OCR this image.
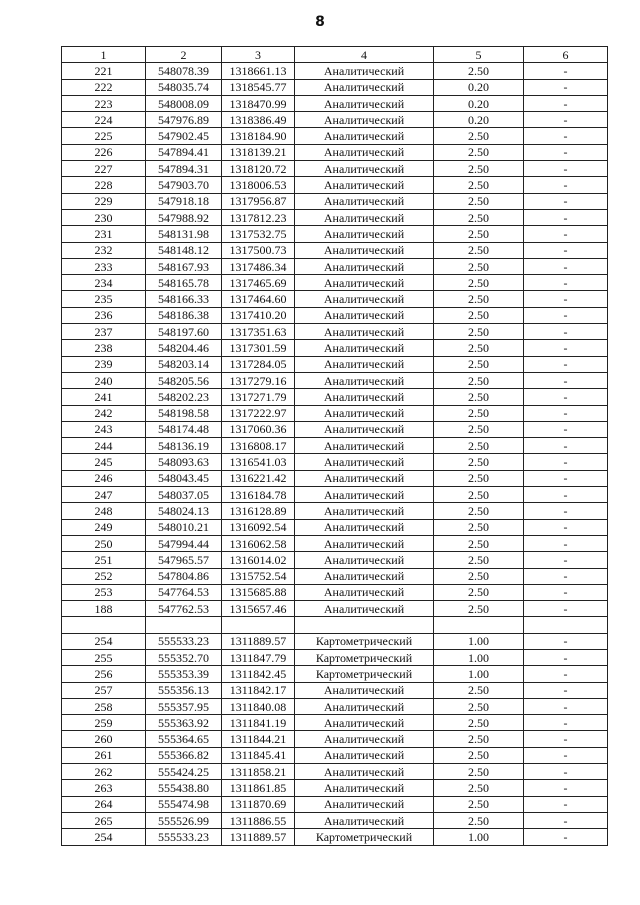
8
1	2	3	4	5	6
221	548078.39	1318661.13	Аналитический	2.50	-
222	548035.74	1318545.77	Аналитический	0.20	-
223	548008.09	1318470.99	Аналитический	0.20	-
224	547976.89	1318386.49	Аналитический	0.20	-
225	547902.45	1318184.90	Аналитический	2.50	-
226	547894.41	1318139.21	Аналитический	2.50	-
227	547894.31	1318120.72	Аналитический	2.50	-
228	547903.70	1318006.53	Аналитический	2.50	-
229	547918.18	1317956.87	Аналитический	2.50	-
230	547988.92	1317812.23	Аналитический	2.50	-
231	548131.98	1317532.75	Аналитический	2.50	-
232	548148.12	1317500.73	Аналитический	2.50	-
233	548167.93	1317486.34	Аналитический	2.50	-
234	548165.78	1317465.69	Аналитический	2.50	-
235	548166.33	1317464.60	Аналитический	2.50	-
236	548186.38	1317410.20	Аналитический	2.50	-
237	548197.60	1317351.63	Аналитический	2.50	-
238	548204.46	1317301.59	Аналитический	2.50	-
239	548203.14	1317284.05	Аналитический	2.50	-
240	548205.56	1317279.16	Аналитический	2.50	-
241	548202.23	1317271.79	Аналитический	2.50	-
242	548198.58	1317222.97	Аналитический	2.50	-
243	548174.48	1317060.36	Аналитический	2.50	-
244	548136.19	1316808.17	Аналитический	2.50	-
245	548093.63	1316541.03	Аналитический	2.50	-
246	548043.45	1316221.42	Аналитический	2.50	-
247	548037.05	1316184.78	Аналитический	2.50	-
248	548024.13	1316128.89	Аналитический	2.50	-
249	548010.21	1316092.54	Аналитический	2.50	-
250	547994.44	1316062.58	Аналитический	2.50	-
251	547965.57	1316014.02	Аналитический	2.50	-
252	547804.86	1315752.54	Аналитический	2.50	-
253	547764.53	1315685.88	Аналитический	2.50	-
188	547762.53	1315657.46	Аналитический	2.50	-

254	555533.23	1311889.57	Картометрический	1.00	-
255	555352.70	1311847.79	Картометрический	1.00	-
256	555353.39	1311842.45	Картометрический	1.00	-
257	555356.13	1311842.17	Аналитический	2.50	-
258	555357.95	1311840.08	Аналитический	2.50	-
259	555363.92	1311841.19	Аналитический	2.50	-
260	555364.65	1311844.21	Аналитический	2.50	-
261	555366.82	1311845.41	Аналитический	2.50	-
262	555424.25	1311858.21	Аналитический	2.50	-
263	555438.80	1311861.85	Аналитический	2.50	-
264	555474.98	1311870.69	Аналитический	2.50	-
265	555526.99	1311886.55	Аналитический	2.50	-
254	555533.23	1311889.57	Картометрический	1.00	-
